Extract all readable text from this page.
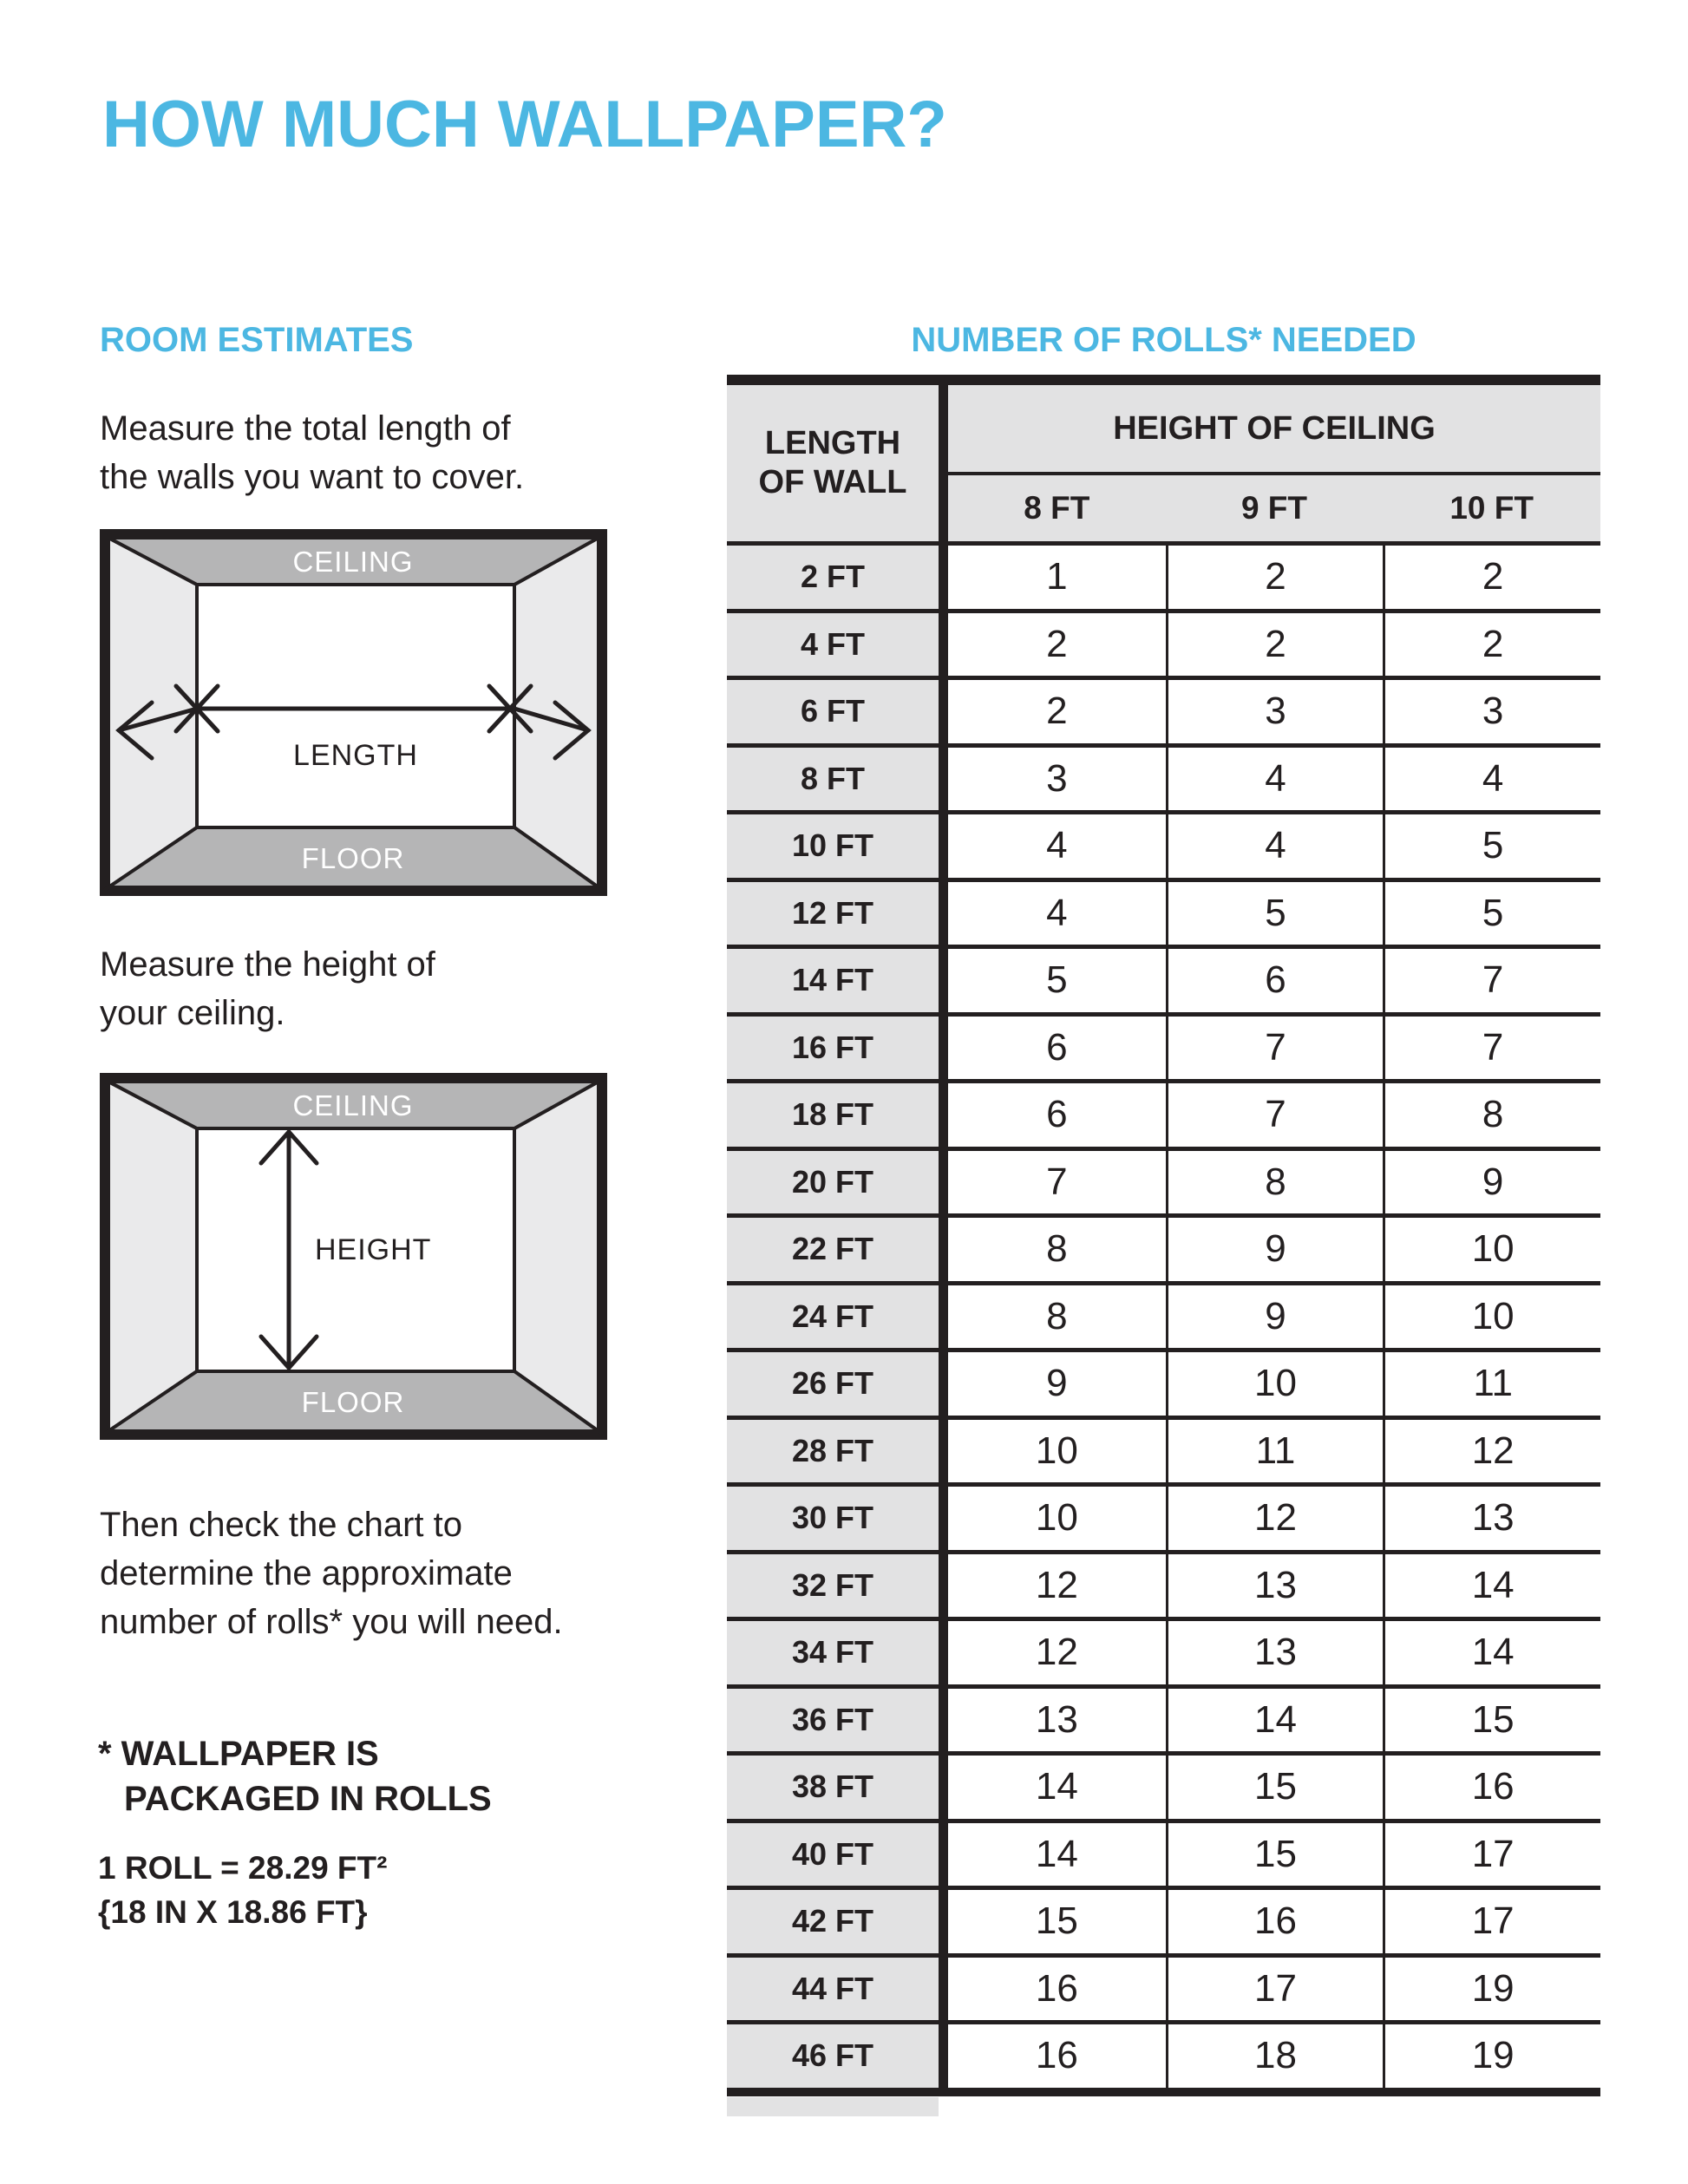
HOW MUCH WALLPAPER?
ROOM ESTIMATES	NUMBER OF ROLLS* NEEDED

Measure the total length of
the walls you want to cover.

CEILING
FLOOR
LENGTH

Measure the height of
your ceiling.

CEILING
FLOOR
HEIGHT

Then check the chart to
determine the approximate
number of rolls* you will need.

* WALLPAPER IS
PACKAGED IN ROLLS

1 ROLL = 28.29 FT²
{18 IN X 18.86 FT}

LENGTH
OF WALL
HEIGHT OF CEILING
8 FT	9 FT	10 FT
2 FT	1	2	2
4 FT	2	2	2
6 FT	2	3	3
8 FT	3	4	4
10 FT	4	4	5
12 FT	4	5	5
14 FT	5	6	7
16 FT	6	7	7
18 FT	6	7	8
20 FT	7	8	9
22 FT	8	9	10
24 FT	8	9	10
26 FT	9	10	11
28 FT	10	11	12
30 FT	10	12	13
32 FT	12	13	14
34 FT	12	13	14
36 FT	13	14	15
38 FT	14	15	16
40 FT	14	15	17
42 FT	15	16	17
44 FT	16	17	19
46 FT	16	18	19
